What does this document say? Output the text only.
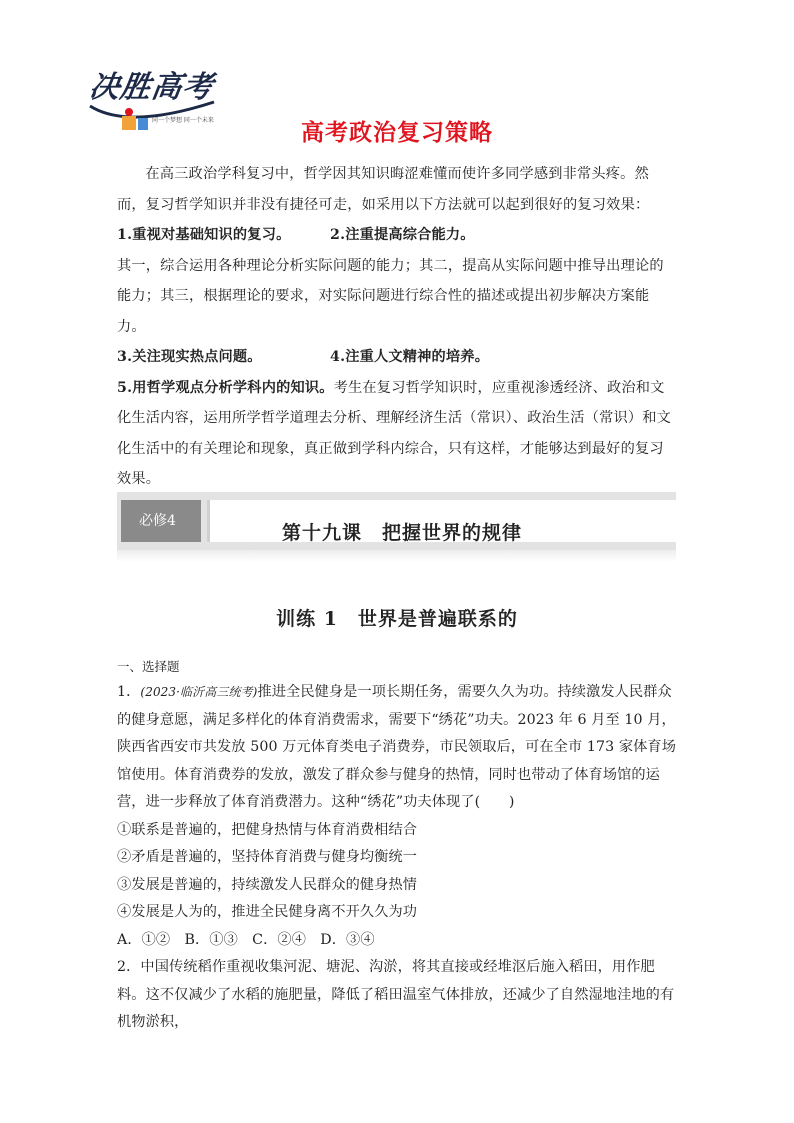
决胜高考
同一个梦想 同一个未来	高考政治复习策略

在高三政治学科复习中，哲学因其知识晦涩难懂而使许多同学感到非常头疼。然而，复习哲学知识并非没有捷径可走，如采用以下方法就可以起到很好的复习效果：

1.重视对基础知识的复习。	2.注重提高综合能力。

其一，综合运用各种理论分析实际问题的能力；其二，提高从实际问题中推导出理论的能力；其三，根据理论的要求，对实际问题进行综合性的描述或提出初步解决方案能力。

3.关注现实热点问题。	4.注重人文精神的培养。

5.用哲学观点分析学科内的知识。考生在复习哲学知识时，应重视渗透经济、政治和文化生活内容，运用所学哲学道理去分析、理解经济生活（常识）、政治生活（常识）和文化生活中的有关理论和现象，真正做到学科内综合，只有这样，才能够达到最好的复习效果。

必修4
第十九课　把握世界的规律
训练 1　世界是普遍联系的
一、选择题

1．(2023·临沂高三统考)推进全民健身是一项长期任务，需要久久为功。持续激发人民群众的健身意愿，满足多样化的体育消费需求，需要下“绣花”功夫。2023 年 6 月至 10 月，陕西省西安市共发放 500 万元体育类电子消费券，市民领取后，可在全市 173 家体育场馆使用。体育消费券的发放，激发了群众参与健身的热情，同时也带动了体育场馆的运营，进一步释放了体育消费潜力。这种“绣花”功夫体现了(　　)

①联系是普遍的，把健身热情与体育消费相结合

②矛盾是普遍的，坚持体育消费与健身均衡统一

③发展是普遍的，持续激发人民群众的健身热情

④发展是人为的，推进全民健身离不开久久为功

A．①②　B．①③　C．②④　D．③④

2．中国传统稻作重视收集河泥、塘泥、沟淤，将其直接或经堆沤后施入稻田，用作肥料。这不仅减少了水稻的施肥量，降低了稻田温室气体排放，还减少了自然湿地洼地的有机物淤积，
